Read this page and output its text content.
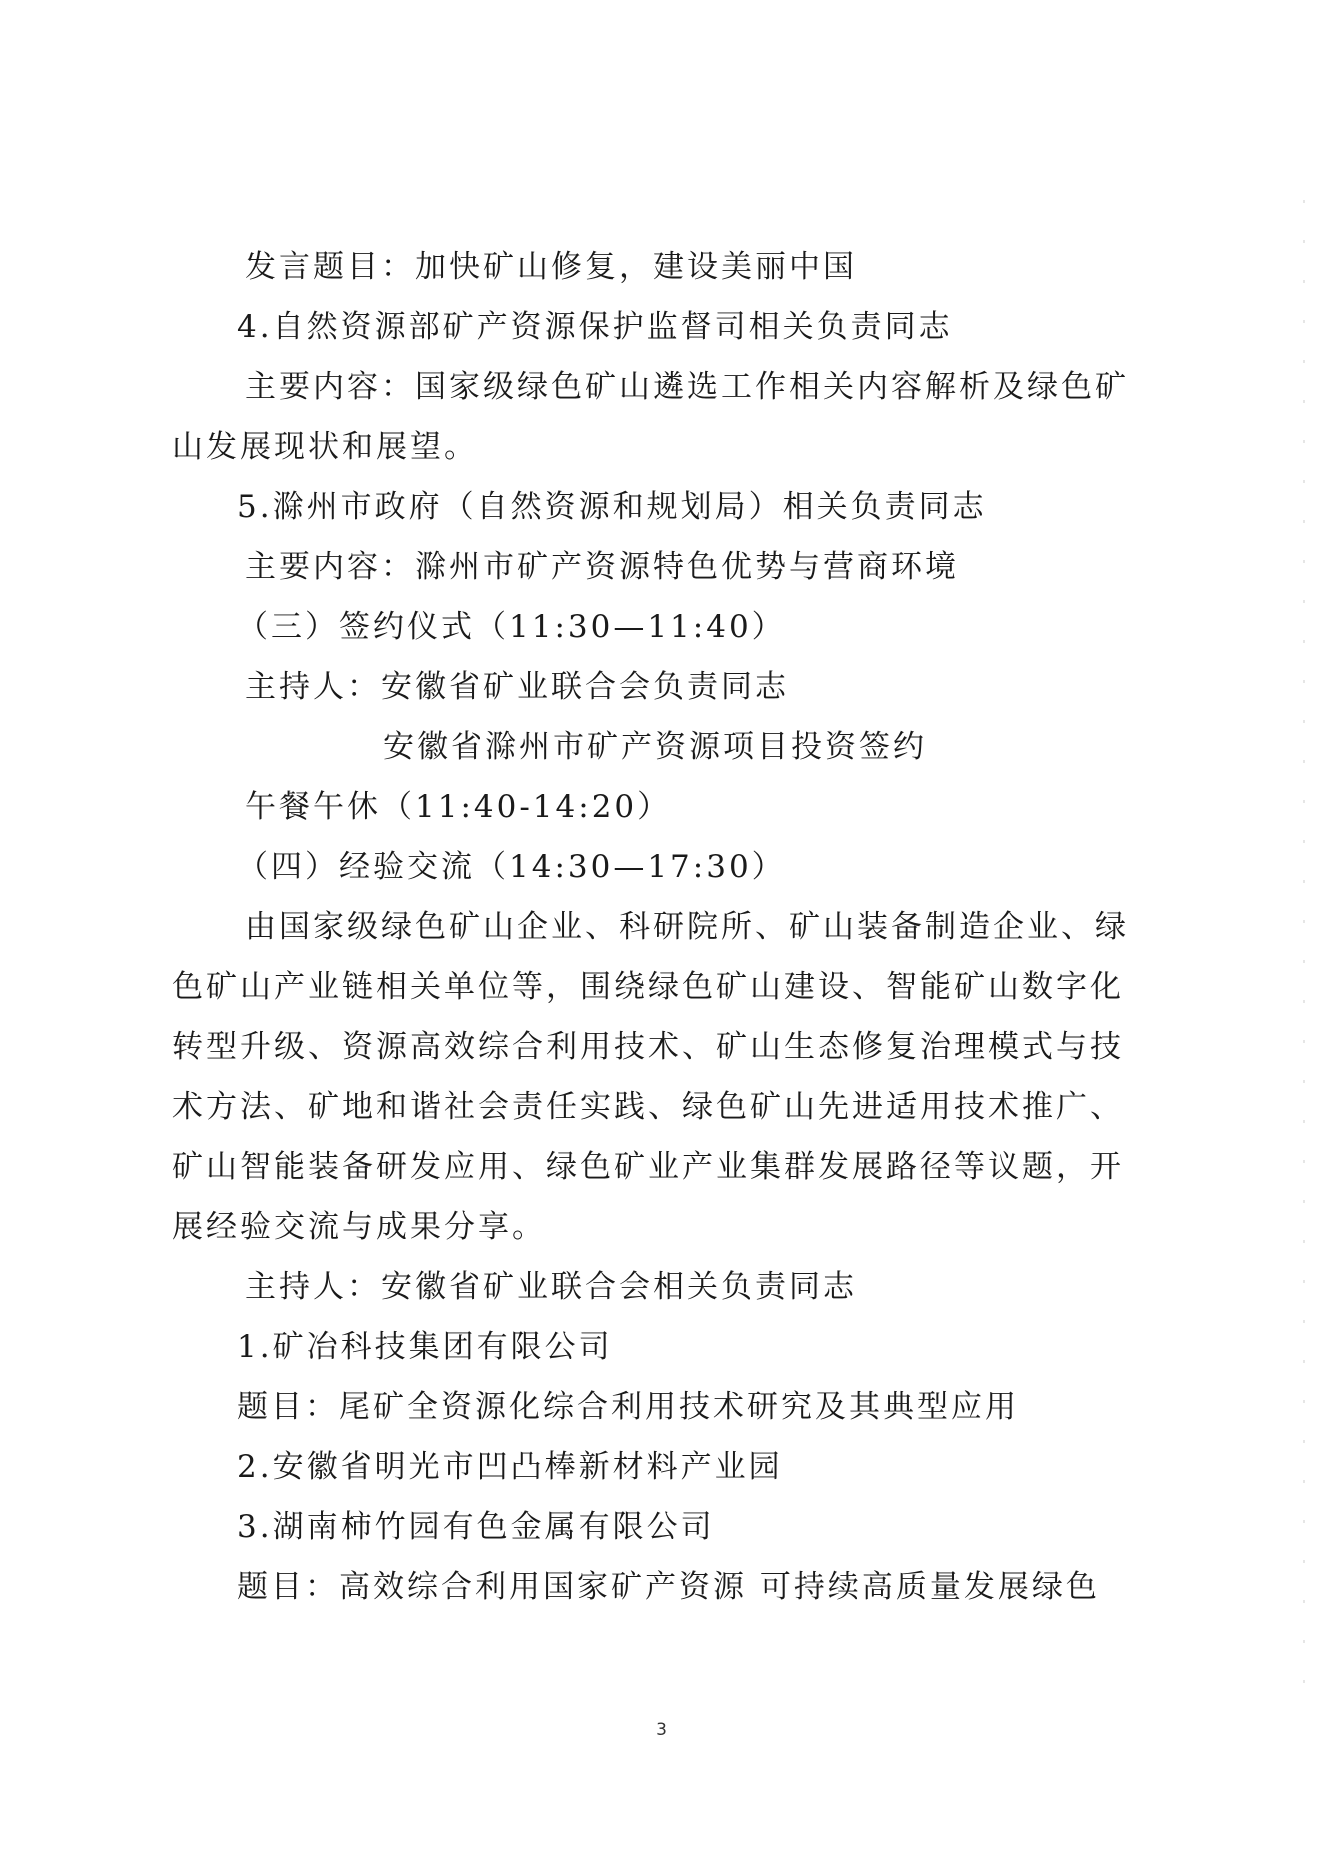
发言题目：加快矿山修复，建设美丽中国
4.自然资源部矿产资源保护监督司相关负责同志
主要内容：国家级绿色矿山遴选工作相关内容解析及绿色矿
山发展现状和展望。
5.滁州市政府（自然资源和规划局）相关负责同志
主要内容：滁州市矿产资源特色优势与营商环境
（三）签约仪式（11:30—11:40）
主持人：安徽省矿业联合会负责同志
安徽省滁州市矿产资源项目投资签约
午餐午休（11:40-14:20）
（四）经验交流（14:30—17:30）
由国家级绿色矿山企业、科研院所、矿山装备制造企业、绿
色矿山产业链相关单位等，围绕绿色矿山建设、智能矿山数字化
转型升级、资源高效综合利用技术、矿山生态修复治理模式与技
术方法、矿地和谐社会责任实践、绿色矿山先进适用技术推广、
矿山智能装备研发应用、绿色矿业产业集群发展路径等议题，开
展经验交流与成果分享。
主持人：安徽省矿业联合会相关负责同志
1.矿冶科技集团有限公司
题目：尾矿全资源化综合利用技术研究及其典型应用
2.安徽省明光市凹凸棒新材料产业园
3.湖南柿竹园有色金属有限公司
题目：高效综合利用国家矿产资源 可持续高质量发展绿色
3
